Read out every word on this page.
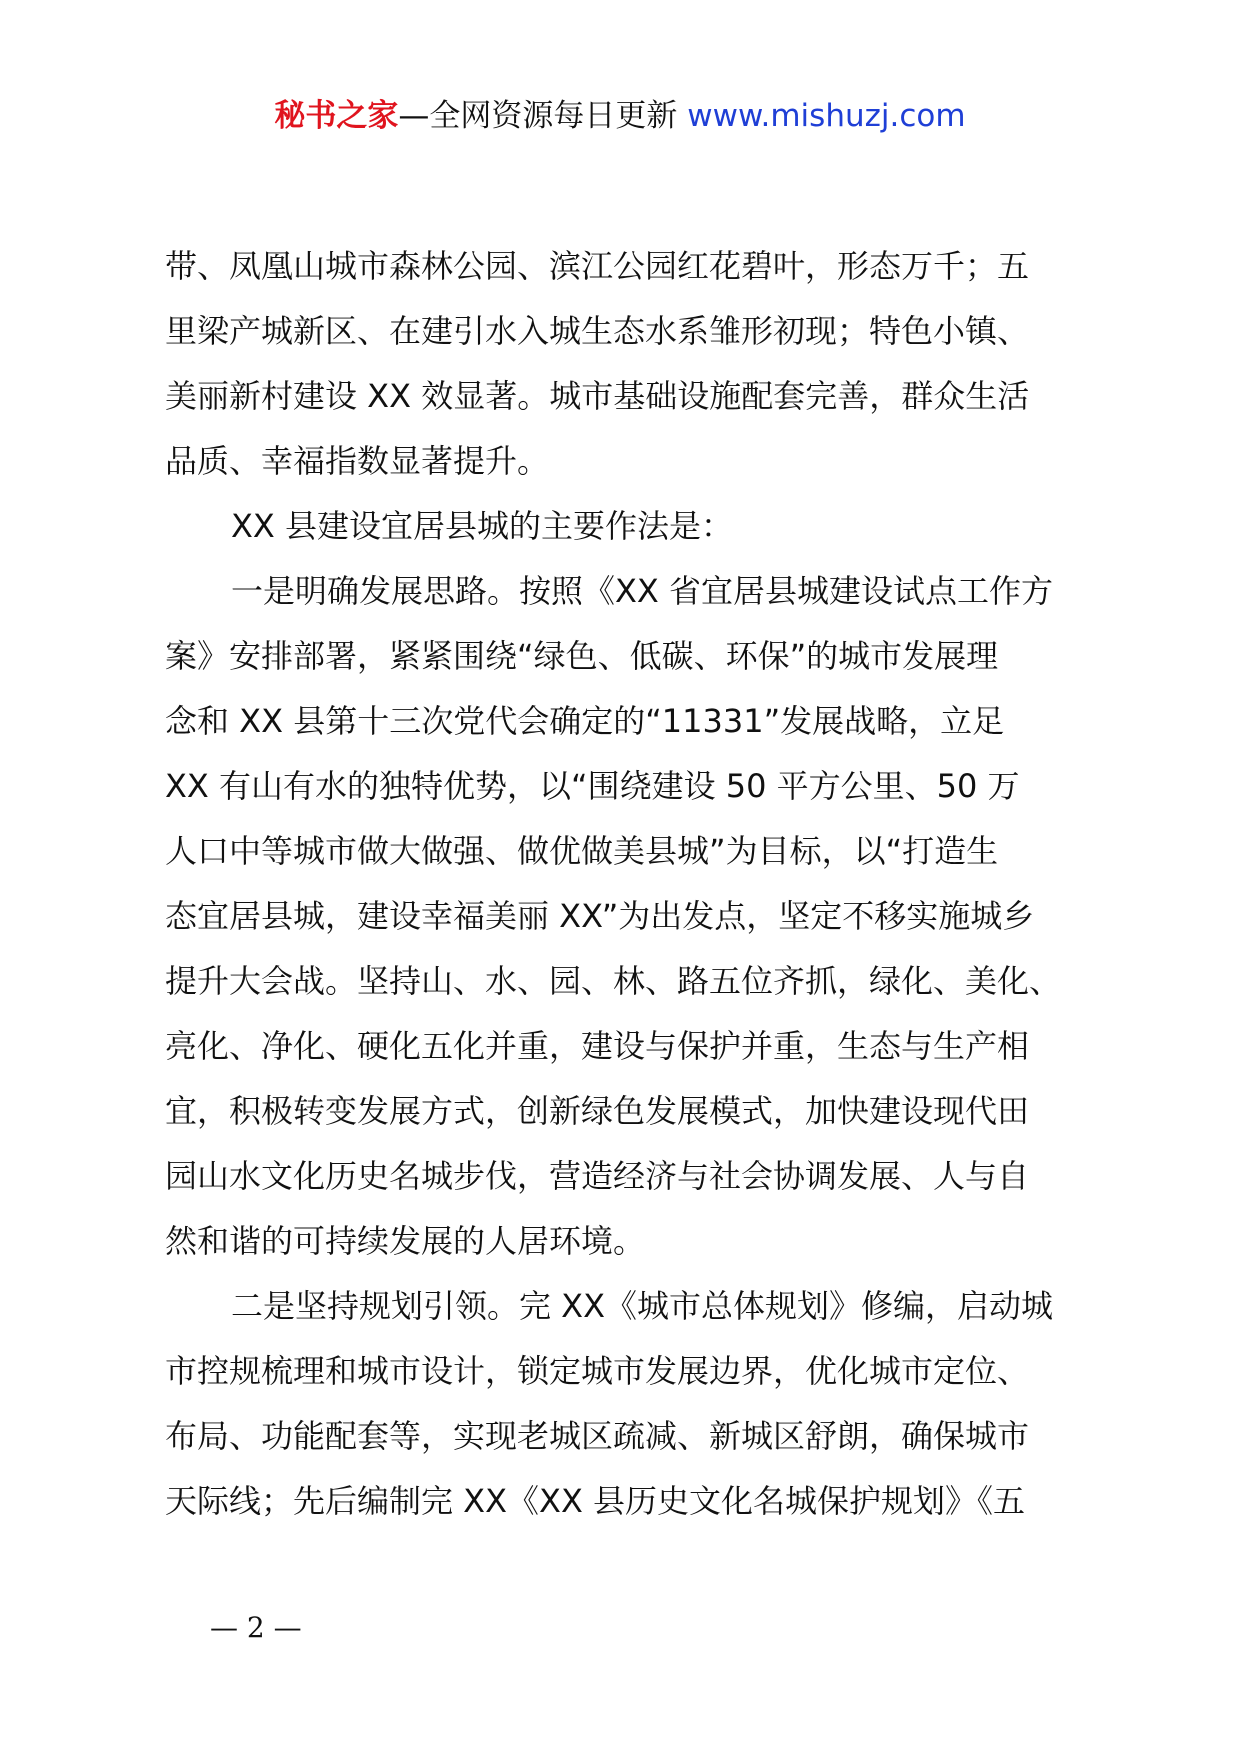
秘书之家—全网资源每日更新 www.mishuzj.com
带、凤凰山城市森林公园、滨江公园红花碧叶，形态万千；五
里梁产城新区、在建引水入城生态水系雏形初现；特色小镇、
美丽新村建设 XX 效显著。城市基础设施配套完善，群众生活
品质、幸福指数显著提升。
XX 县建设宜居县城的主要作法是：
一是明确发展思路。按照《XX 省宜居县城建设试点工作方
案》安排部署，紧紧围绕“绿色、低碳、环保”的城市发展理
念和 XX 县第十三次党代会确定的“11331”发展战略，立足
XX 有山有水的独特优势，以“围绕建设 50 平方公里、50 万
人口中等城市做大做强、做优做美县城”为目标，以“打造生
态宜居县城，建设幸福美丽 XX”为出发点，坚定不移实施城乡
提升大会战。坚持山、水、园、林、路五位齐抓，绿化、美化、
亮化、净化、硬化五化并重，建设与保护并重，生态与生产相
宜，积极转变发展方式，创新绿色发展模式，加快建设现代田
园山水文化历史名城步伐，营造经济与社会协调发展、人与自
然和谐的可持续发展的人居环境。
二是坚持规划引领。完 XX《城市总体规划》修编，启动城
市控规梳理和城市设计，锁定城市发展边界，优化城市定位、
布局、功能配套等，实现老城区疏减、新城区舒朗，确保城市
天际线；先后编制完 XX《XX 县历史文化名城保护规划》《五
— 2 —
